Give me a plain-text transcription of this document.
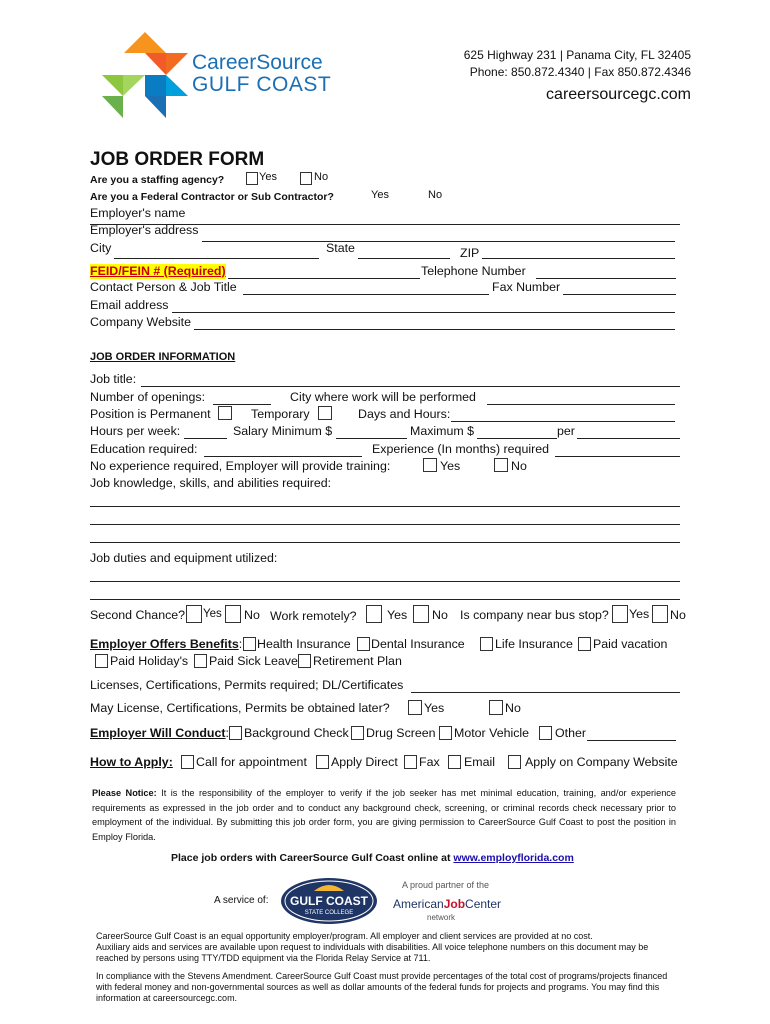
CareerSource
GULF COAST
625 Highway 231 | Panama City, FL 32405
Phone: 850.872.4340 | Fax 850.872.4346
careersourcegc.com
JOB ORDER FORM
Are you a staffing agency?	Yes	No
Are you a Federal Contractor or Sub Contractor?	Yes	No
Employer's name
Employer's address
City	State	ZIP
FEID/FEIN # (Required)	Telephone Number
Contact Person & Job Title	Fax Number
Email address
Company Website
JOB ORDER INFORMATION
Job title:
Number of openings:	City where work will be performed
Position is Permanent	Temporary	Days and Hours:
Hours per week:	Salary Minimum $	Maximum $	per
Education required:	Experience (In months) required
No experience required, Employer will provide training:	Yes	No
Job knowledge, skills, and abilities required:
Job duties and equipment utilized:
Second Chance? Yes No Work remotely? Yes No Is company near bus stop? Yes No
Employer Offers Benefits: Health Insurance Dental Insurance Life Insurance Paid vacation
Paid Holiday's Paid Sick Leave Retirement Plan
Licenses, Certifications, Permits required; DL/Certificates
May License, Certifications, Permits be obtained later?	Yes	No
Employer Will Conduct: Background Check Drug Screen Motor Vehicle Other
How to Apply: Call for appointment Apply Direct Fax Email Apply on Company Website
Please Notice: It is the responsibility of the employer to verify if the job seeker has met minimal education, training, and/or experience requirements as expressed in the job order and to conduct any background check, screening, or criminal records check necessary prior to employment of the individual. By submitting this job order form, you are giving permission to CareerSource Gulf Coast to post the position in Employ Florida.
Place job orders with CareerSource Gulf Coast online at www.employflorida.com
A service of: GULF COAST
STATE COLLEGE
A proud partner of the
AmericanJobCenter
network
CareerSource Gulf Coast is an equal opportunity employer/program. All employer and client services are provided at no cost.
Auxiliary aids and services are available upon request to individuals with disabilities. All voice telephone numbers on this document may be reached by persons using TTY/TDD equipment via the Florida Relay Service at 711.
In compliance with the Stevens Amendment. CareerSource Gulf Coast must provide percentages of the total cost of programs/projects financed with federal money and non-governmental sources as well as dollar amounts of the federal funds for projects and programs. You may find this information at careersourcegc.com.
